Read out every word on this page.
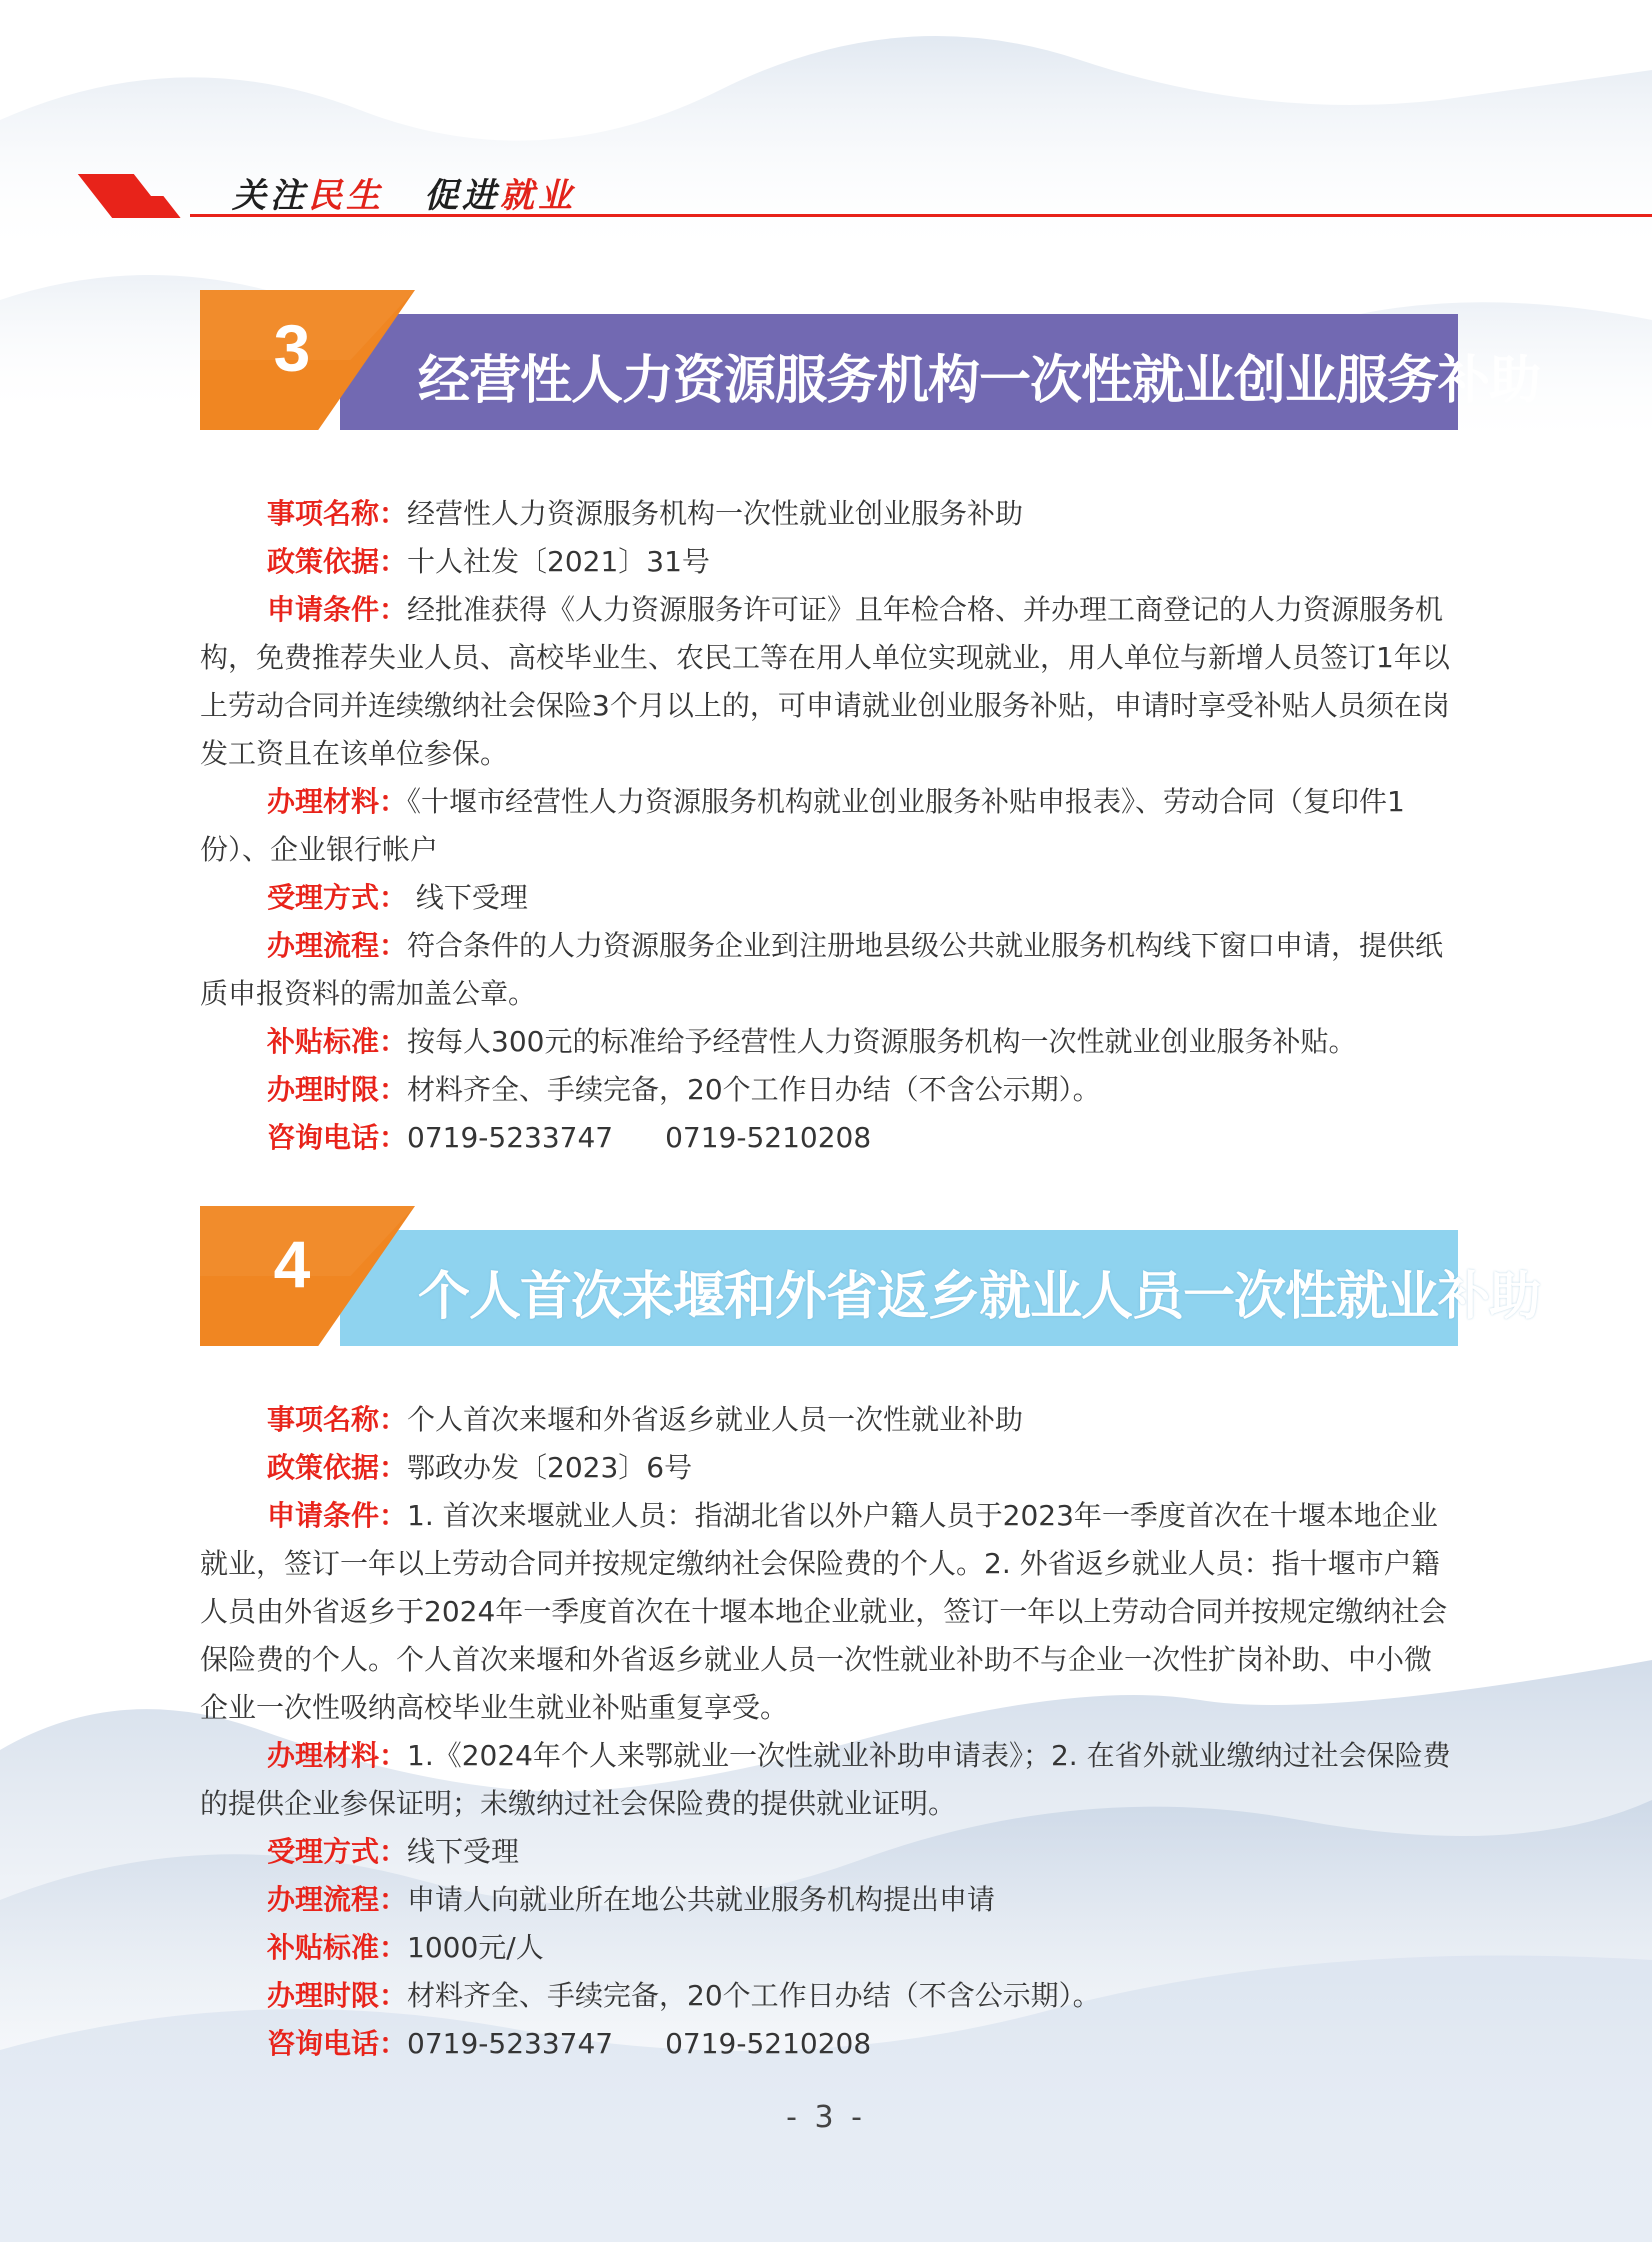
关注民生 促进就业
3 经营性人力资源服务机构一次性就业创业服务补助

事项名称：经营性人力资源服务机构一次性就业创业服务补助

政策依据：十人社发〔2021〕31号

申请条件：经批准获得《人力资源服务许可证》且年检合格、并办理工商登记的人力资源服务机构，免费推荐失业人员、高校毕业生、农民工等在用人单位实现就业，用人单位与新增人员签订1年以上劳动合同并连续缴纳社会保险3个月以上的，可申请就业创业服务补贴，申请时享受补贴人员须在岗发工资且在该单位参保。

办理材料：《十堰市经营性人力资源服务机构就业创业服务补贴申报表》、劳动合同（复印件1份）、企业银行帐户

受理方式： 线下受理

办理流程：符合条件的人力资源服务企业到注册地县级公共就业服务机构线下窗口申请，提供纸质申报资料的需加盖公章。

补贴标准：按每人300元的标准给予经营性人力资源服务机构一次性就业创业服务补贴。

办理时限：材料齐全、手续完备，20个工作日办结（不含公示期）。

咨询电话：0719-5233747 0719-5210208

4 个人首次来堰和外省返乡就业人员一次性就业补助

事项名称：个人首次来堰和外省返乡就业人员一次性就业补助

政策依据：鄂政办发〔2023〕6号

申请条件：1. 首次来堰就业人员：指湖北省以外户籍人员于2023年一季度首次在十堰本地企业就业，签订一年以上劳动合同并按规定缴纳社会保险费的个人。2. 外省返乡就业人员：指十堰市户籍人员由外省返乡于2024年一季度首次在十堰本地企业就业，签订一年以上劳动合同并按规定缴纳社会保险费的个人。个人首次来堰和外省返乡就业人员一次性就业补助不与企业一次性扩岗补助、中小微企业一次性吸纳高校毕业生就业补贴重复享受。

办理材料：1.《2024年个人来鄂就业一次性就业补助申请表》；2. 在省外就业缴纳过社会保险费的提供企业参保证明；未缴纳过社会保险费的提供就业证明。

受理方式：线下受理

办理流程：申请人向就业所在地公共就业服务机构提出申请

补贴标准：1000元/人

办理时限：材料齐全、手续完备，20个工作日办结（不含公示期）。

咨询电话：0719-5233747 0719-5210208

- 3 -
